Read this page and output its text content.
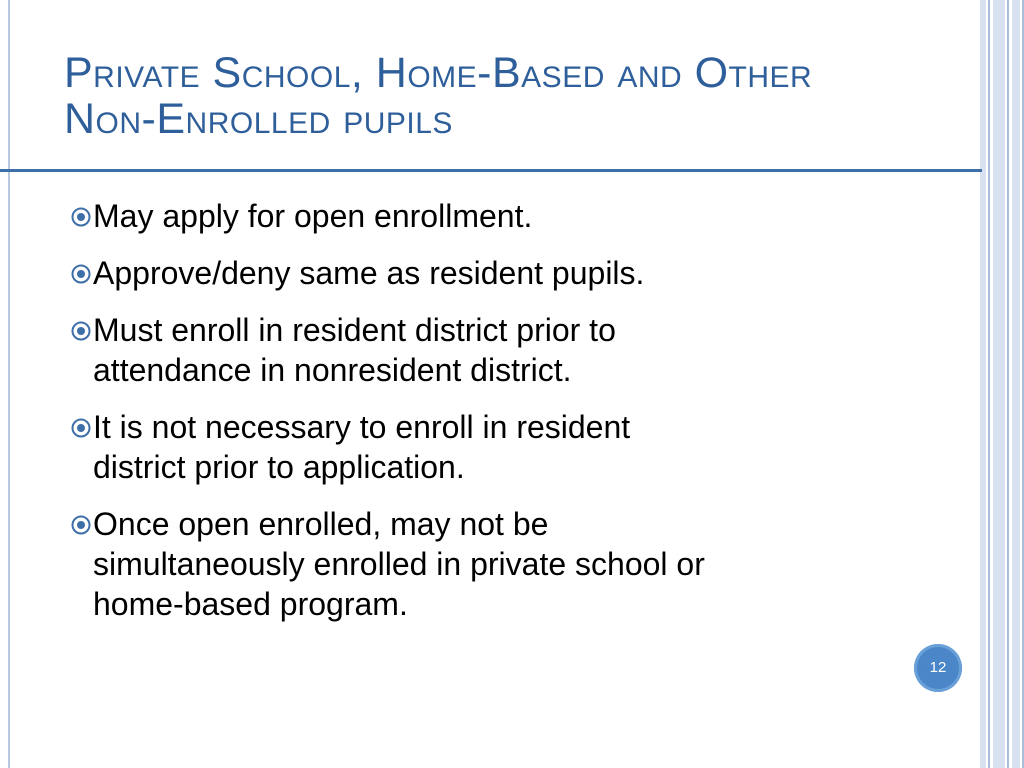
Private School, Home-Based and Other
Non-Enrolled pupils
May apply for open enrollment.
Approve/deny same as resident pupils.
Must enroll in resident district prior to
attendance in nonresident district.
It is not necessary to enroll in resident
district prior to application.
Once open enrolled, may not be
simultaneously enrolled in private school or
home-based program.
12
